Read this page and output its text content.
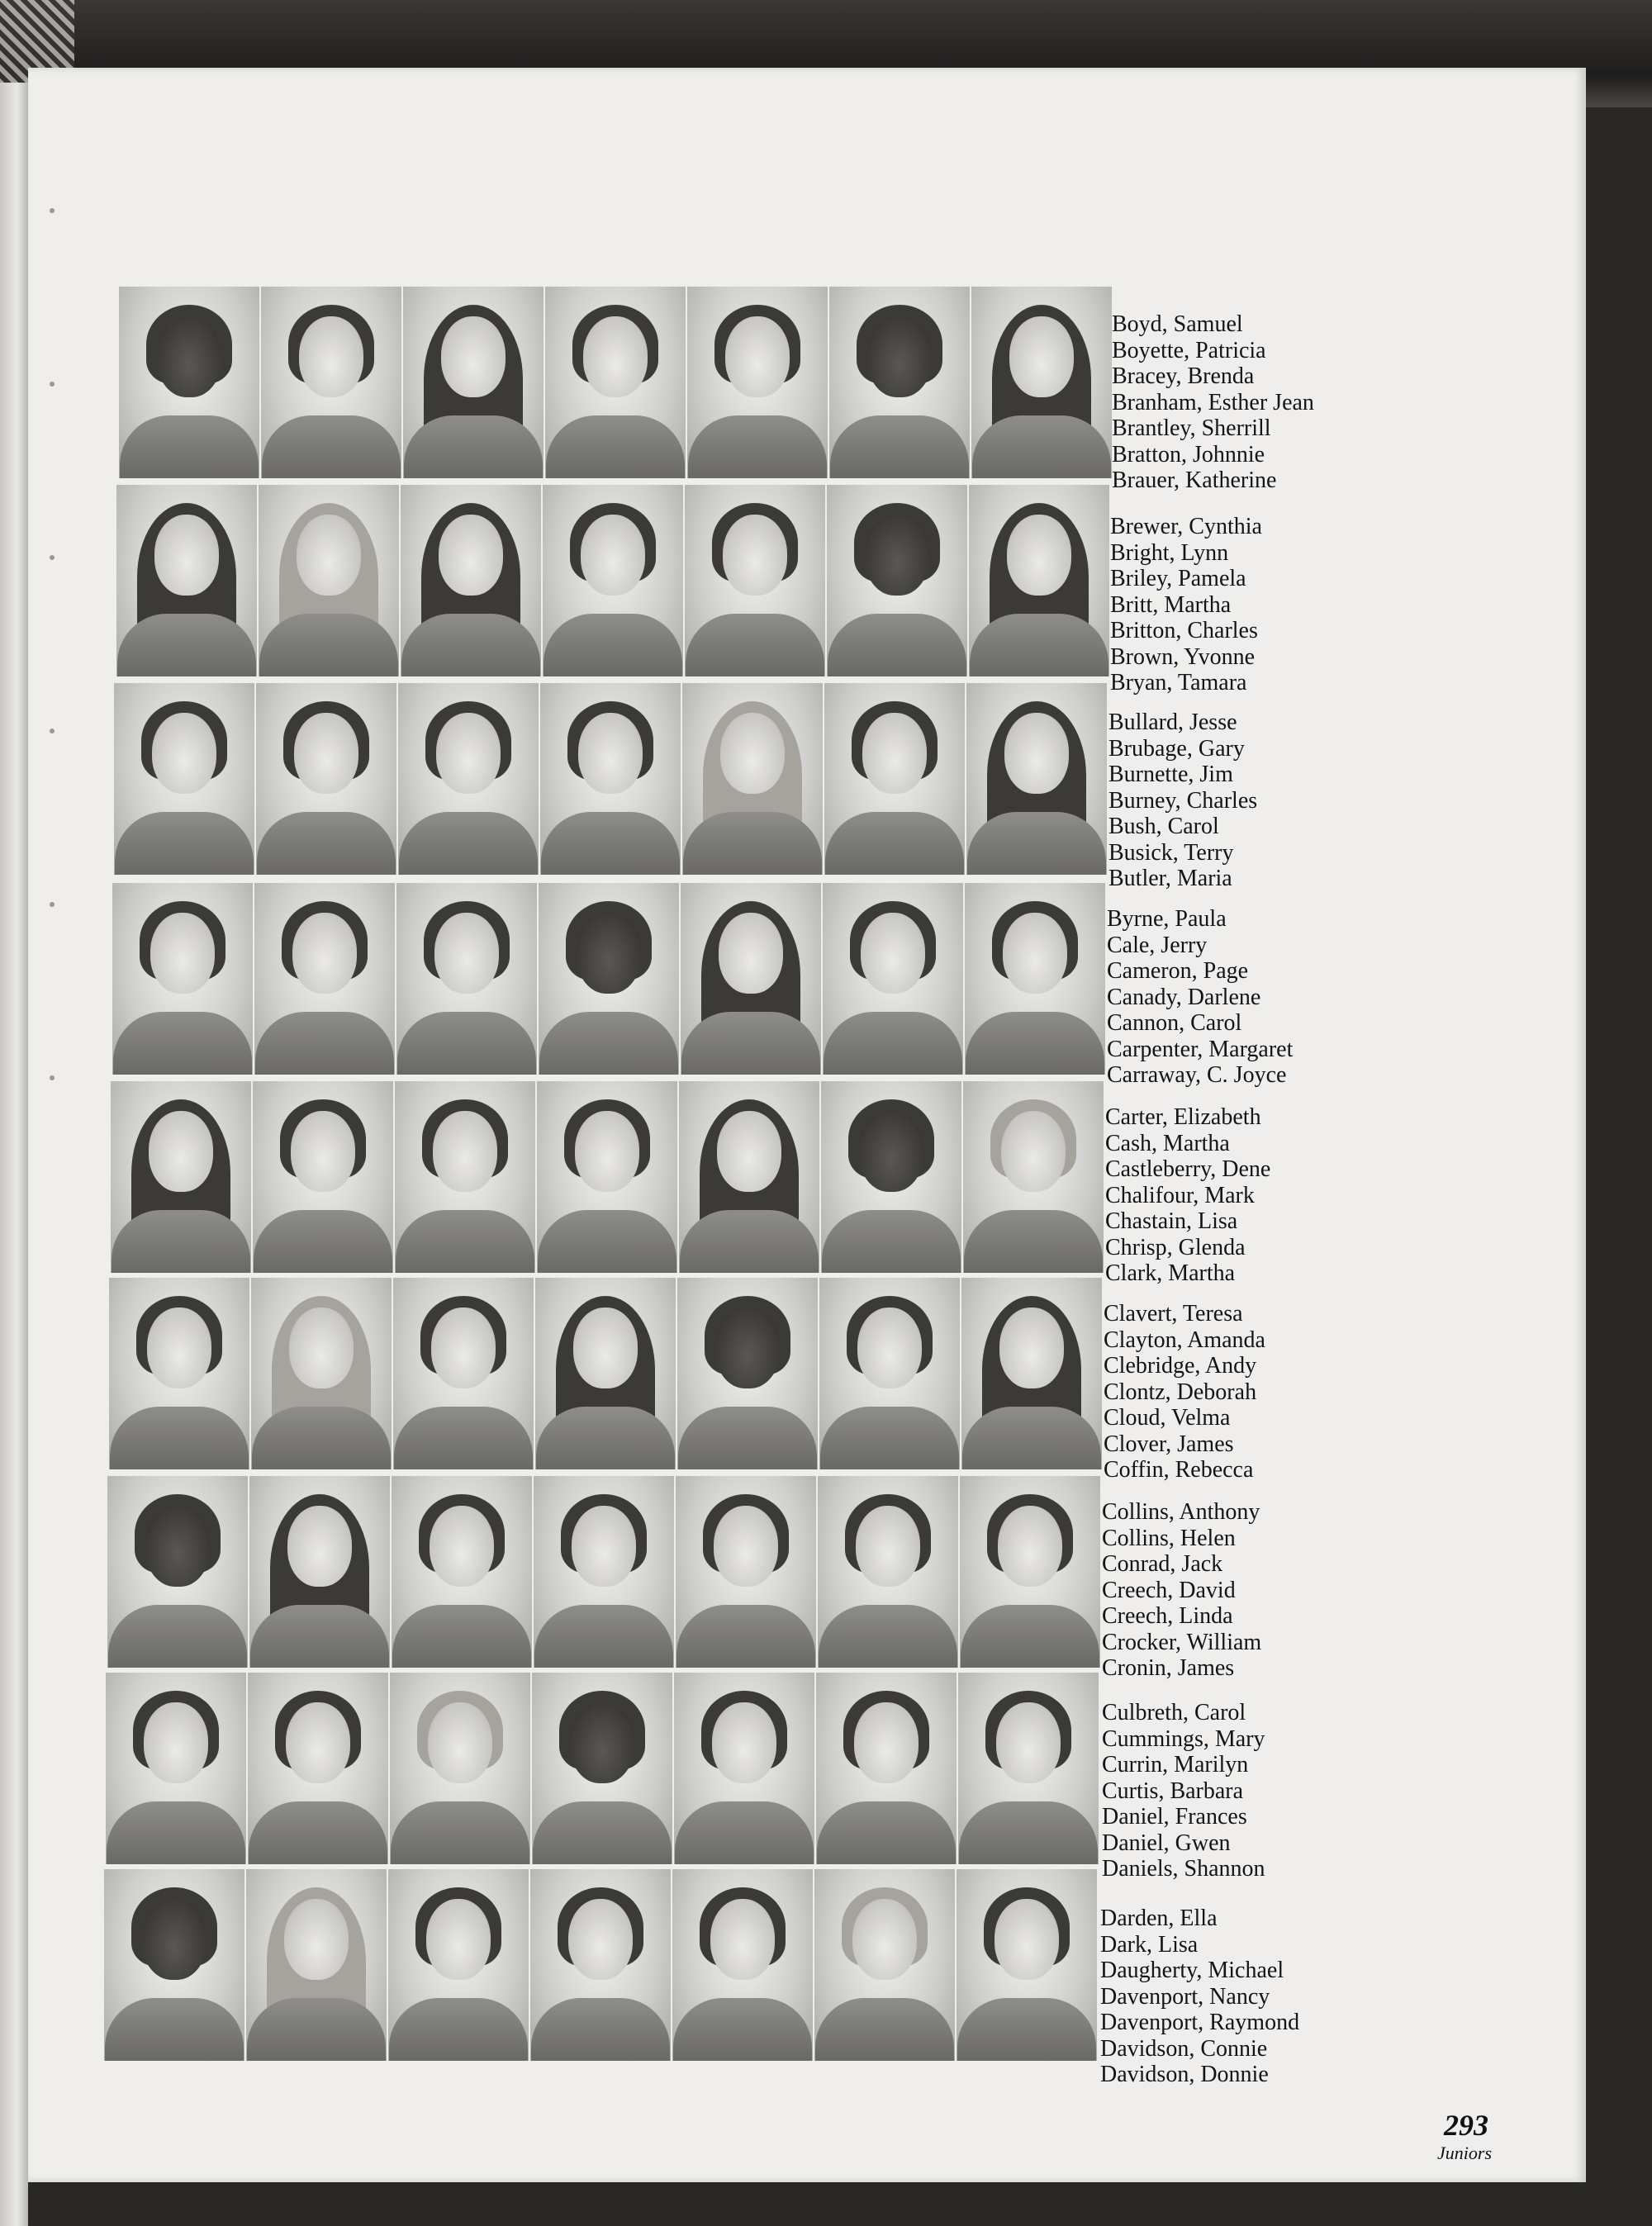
Boyd, Samuel
Boyette, Patricia
Bracey, Brenda
Branham, Esther Jean
Brantley, Sherrill
Bratton, Johnnie
Brauer, Katherine
Brewer, Cynthia
Bright, Lynn
Briley, Pamela
Britt, Martha
Britton, Charles
Brown, Yvonne
Bryan, Tamara
Bullard, Jesse
Brubage, Gary
Burnette, Jim
Burney, Charles
Bush, Carol
Busick, Terry
Butler, Maria
Byrne, Paula
Cale, Jerry
Cameron, Page
Canady, Darlene
Cannon, Carol
Carpenter, Margaret
Carraway, C. Joyce
Carter, Elizabeth
Cash, Martha
Castleberry, Dene
Chalifour, Mark
Chastain, Lisa
Chrisp, Glenda
Clark, Martha
Clavert, Teresa
Clayton, Amanda
Clebridge, Andy
Clontz, Deborah
Cloud, Velma
Clover, James
Coffin, Rebecca
Collins, Anthony
Collins, Helen
Conrad, Jack
Creech, David
Creech, Linda
Crocker, William
Cronin, James
Culbreth, Carol
Cummings, Mary
Currin, Marilyn
Curtis, Barbara
Daniel, Frances
Daniel, Gwen
Daniels, Shannon
Darden, Ella
Dark, Lisa
Daugherty, Michael
Davenport, Nancy
Davenport, Raymond
Davidson, Connie
Davidson, Donnie
293
Juniors
